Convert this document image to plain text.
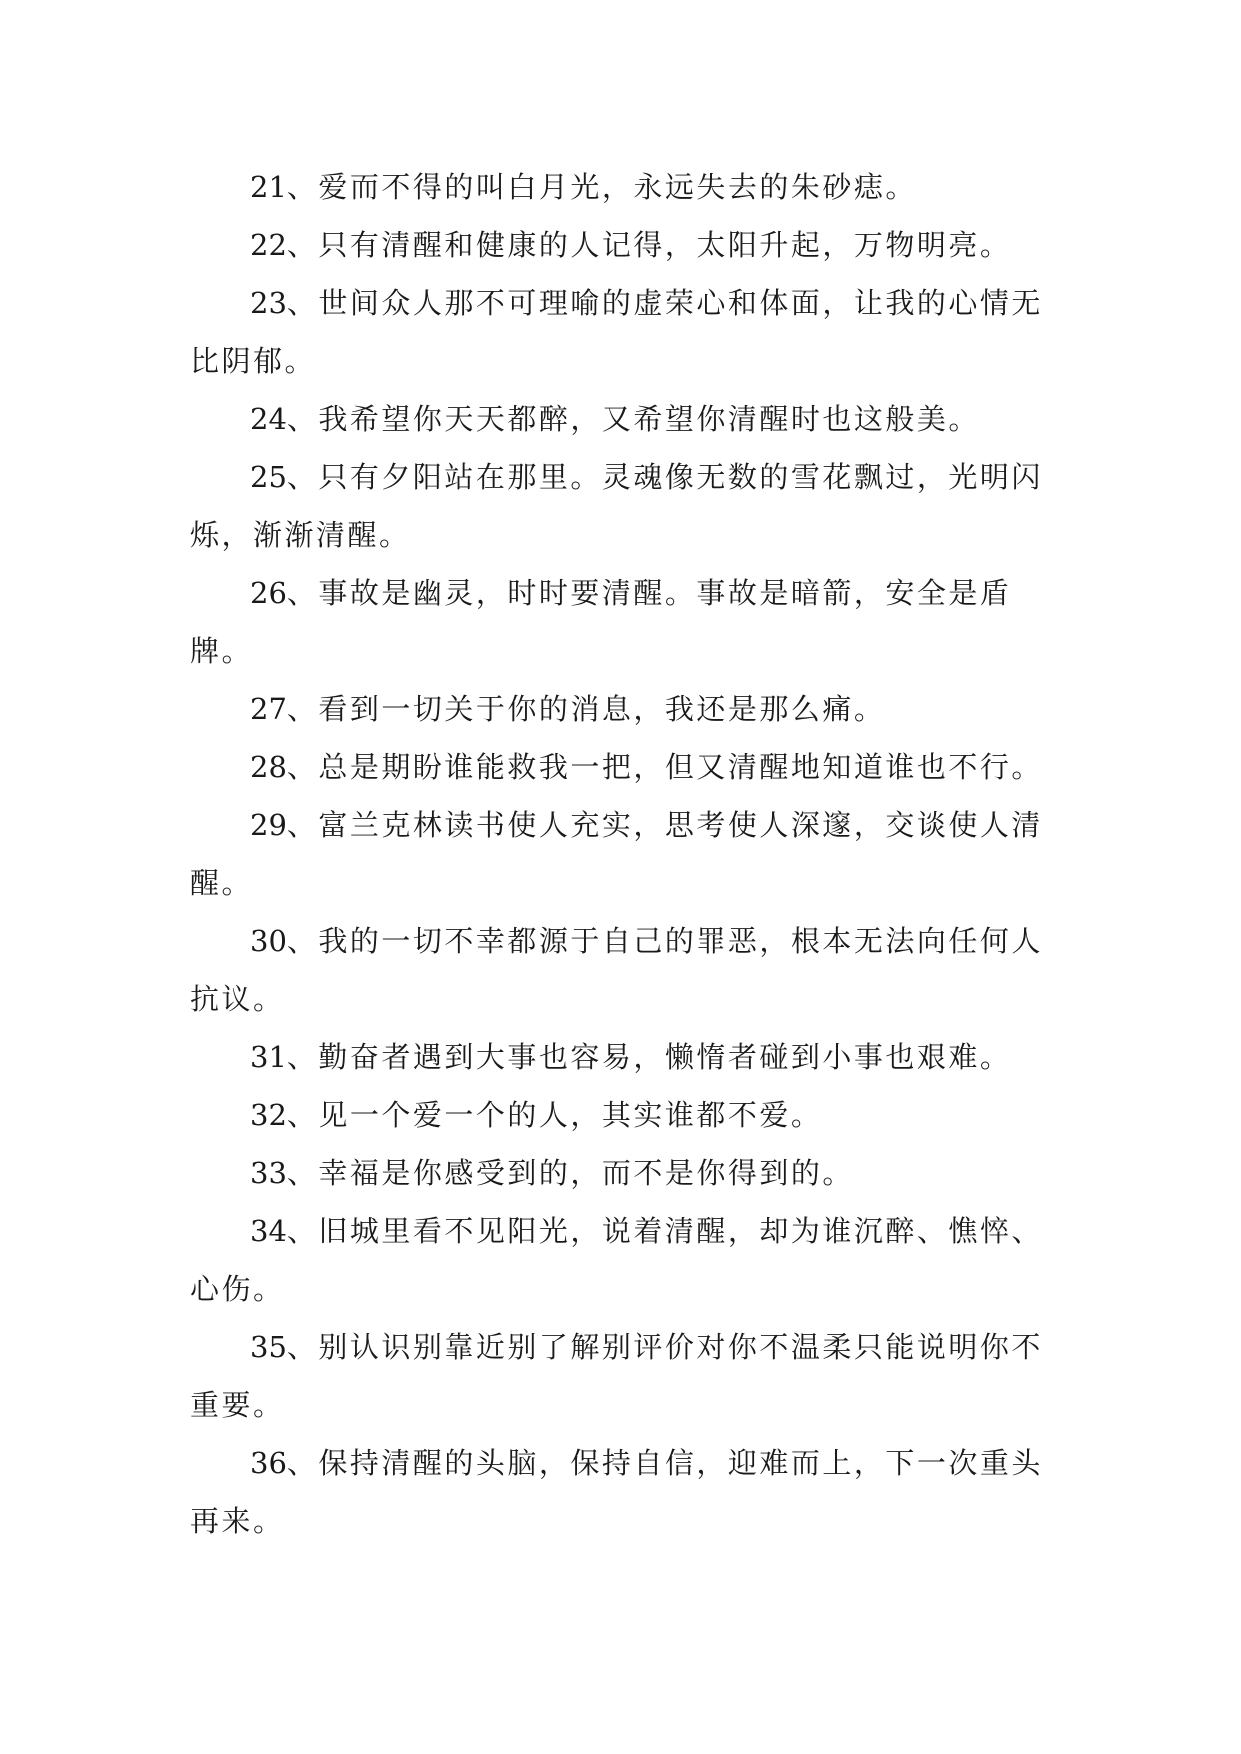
21、爱而不得的叫白月光，永远失去的朱砂痣。

22、只有清醒和健康的人记得，太阳升起，万物明亮。

23、世间众人那不可理喻的虚荣心和体面，让我的心情无比阴郁。

24、我希望你天天都醉，又希望你清醒时也这般美。

25、只有夕阳站在那里。灵魂像无数的雪花飘过，光明闪烁，渐渐清醒。

26、事故是幽灵，时时要清醒。事故是暗箭，安全是盾牌。

27、看到一切关于你的消息，我还是那么痛。

28、总是期盼谁能救我一把，但又清醒地知道谁也不行。

29、富兰克林读书使人充实，思考使人深邃，交谈使人清醒。

30、我的一切不幸都源于自己的罪恶，根本无法向任何人抗议。

31、勤奋者遇到大事也容易，懒惰者碰到小事也艰难。

32、见一个爱一个的人，其实谁都不爱。

33、幸福是你感受到的，而不是你得到的。

34、旧城里看不见阳光，说着清醒，却为谁沉醉、憔悴、心伤。

35、别认识别靠近别了解别评价对你不温柔只能说明你不重要。

36、保持清醒的头脑，保持自信，迎难而上，下一次重头再来。
